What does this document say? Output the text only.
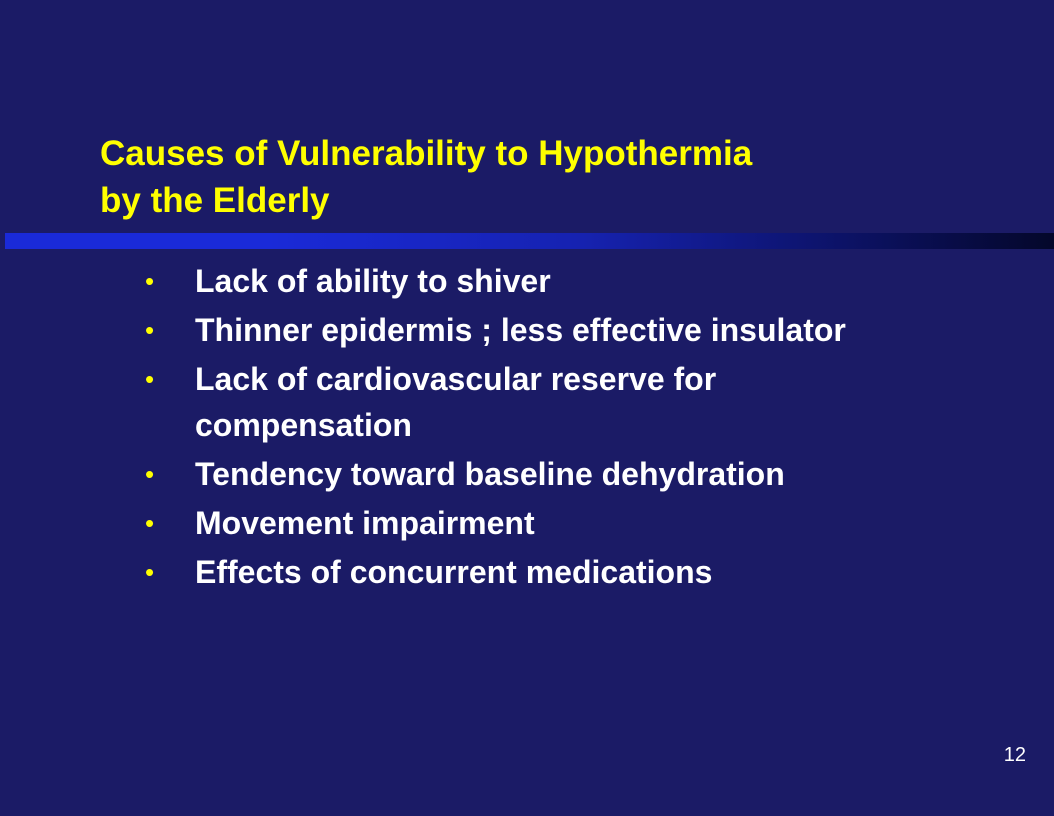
Causes of Vulnerability to Hypothermia
by the Elderly
• Lack of ability to shiver
• Thinner epidermis ; less effective insulator
• Lack of cardiovascular reserve for compensation
• Tendency toward baseline dehydration
• Movement impairment
• Effects of concurrent medications
12
